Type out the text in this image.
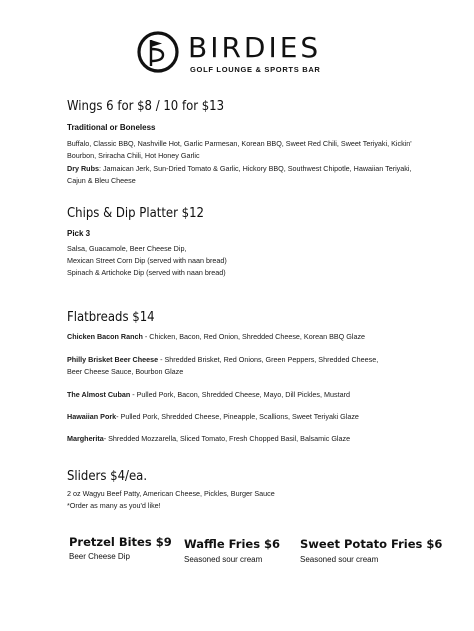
BIRDIES
GOLF LOUNGE & SPORTS BAR
Wings 6 for $8 / 10 for $13
Traditional or Boneless
Buffalo, Classic BBQ, Nashville Hot, Garlic Parmesan, Korean BBQ, Sweet Red Chili, Sweet Teriyaki, Kickin'
Bourbon, Sriracha Chili, Hot Honey Garlic
Dry Rubs: Jamaican Jerk, Sun-Dried Tomato & Garlic, Hickory BBQ, Southwest Chipotle, Hawaiian Teriyaki,
Cajun & Bleu Cheese
Chips & Dip Platter $12
Pick 3
Salsa, Guacamole, Beer Cheese Dip,
Mexican Street Corn Dip (served with naan bread)
Spinach & Artichoke Dip (served with naan bread)
Flatbreads $14
Chicken Bacon Ranch - Chicken, Bacon, Red Onion, Shredded Cheese, Korean BBQ Glaze
Philly Brisket Beer Cheese - Shredded Brisket, Red Onions, Green Peppers, Shredded Cheese,
Beer Cheese Sauce, Bourbon Glaze
The Almost Cuban - Pulled Pork, Bacon, Shredded Cheese, Mayo, Dill Pickles, Mustard
Hawaiian Pork- Pulled Pork, Shredded Cheese, Pineapple, Scallions, Sweet Teriyaki Glaze
Margherita- Shredded Mozzarella, Sliced Tomato, Fresh Chopped Basil, Balsamic Glaze
Sliders $4/ea.
2 oz Wagyu Beef Patty, American Cheese, Pickles, Burger Sauce
*Order as many as you'd like!
Pretzel Bites $9
Beer Cheese Dip
Waffle Fries $6
Seasoned sour cream
Sweet Potato Fries $6
Seasoned sour cream
